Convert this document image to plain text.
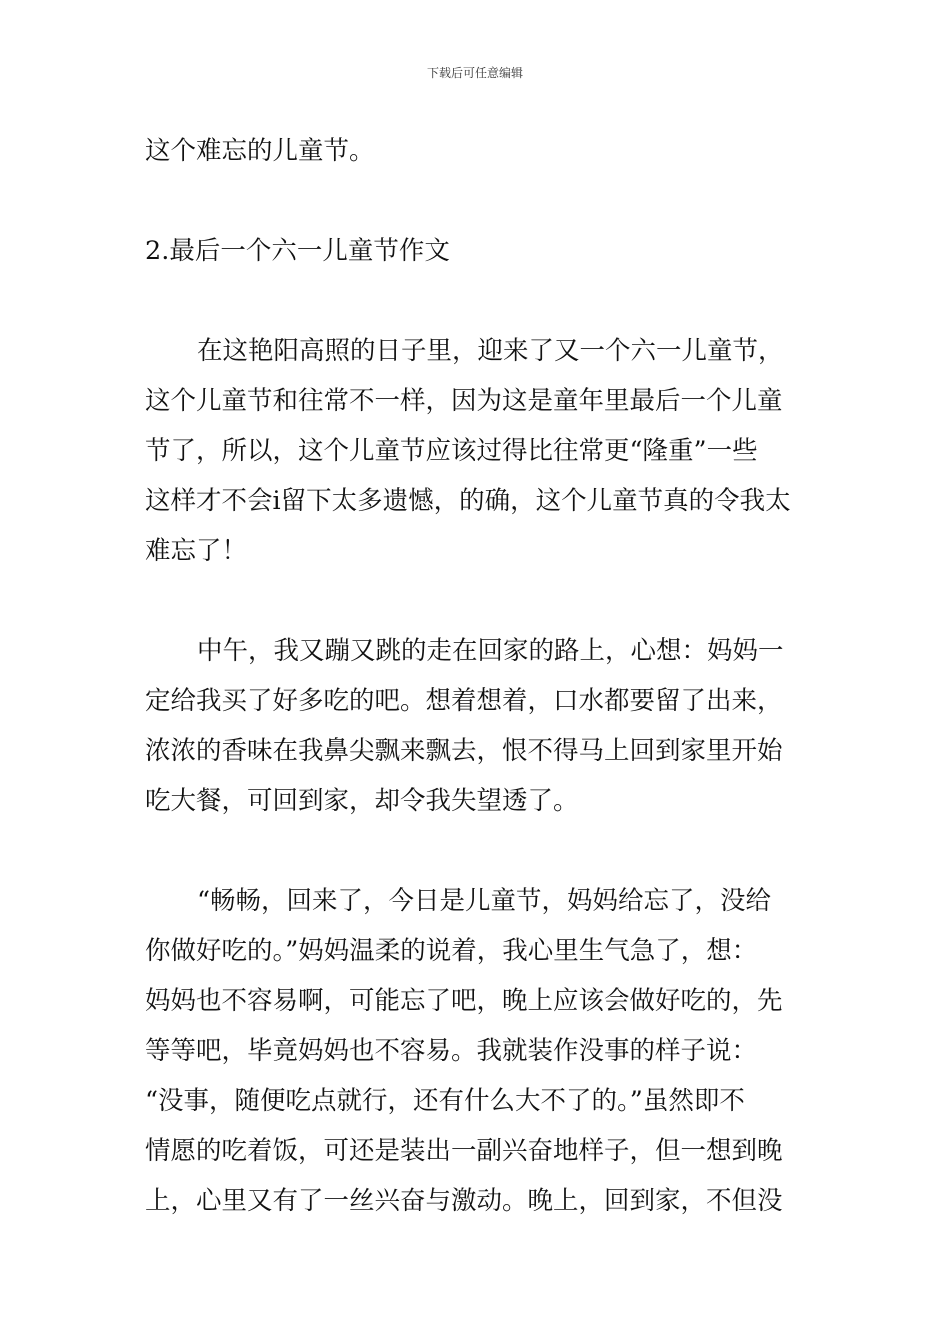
下载后可任意编辑

这个难忘的儿童节。

2.最后一个六一儿童节作文

在这艳阳高照的日子里，迎来了又一个六一儿童节，
这个儿童节和往常不一样，因为这是童年里最后一个儿童
节了，所以，这个儿童节应该过得比往常更“隆重”一些
这样才不会i留下太多遗憾，的确，这个儿童节真的令我太
难忘了！

中午，我又蹦又跳的走在回家的路上，心想：妈妈一
定给我买了好多吃的吧。想着想着，口水都要留了出来，
浓浓的香味在我鼻尖飘来飘去，恨不得马上回到家里开始
吃大餐，可回到家，却令我失望透了。

“畅畅，回来了，今日是儿童节，妈妈给忘了，没给
你做好吃的。”妈妈温柔的说着，我心里生气急了，想：
妈妈也不容易啊，可能忘了吧，晚上应该会做好吃的，先
等等吧，毕竟妈妈也不容易。我就装作没事的样子说：
“没事，随便吃点就行，还有什么大不了的。”虽然即不
情愿的吃着饭，可还是装出一副兴奋地样子，但一想到晚
上，心里又有了一丝兴奋与激动。晚上，回到家，不但没
